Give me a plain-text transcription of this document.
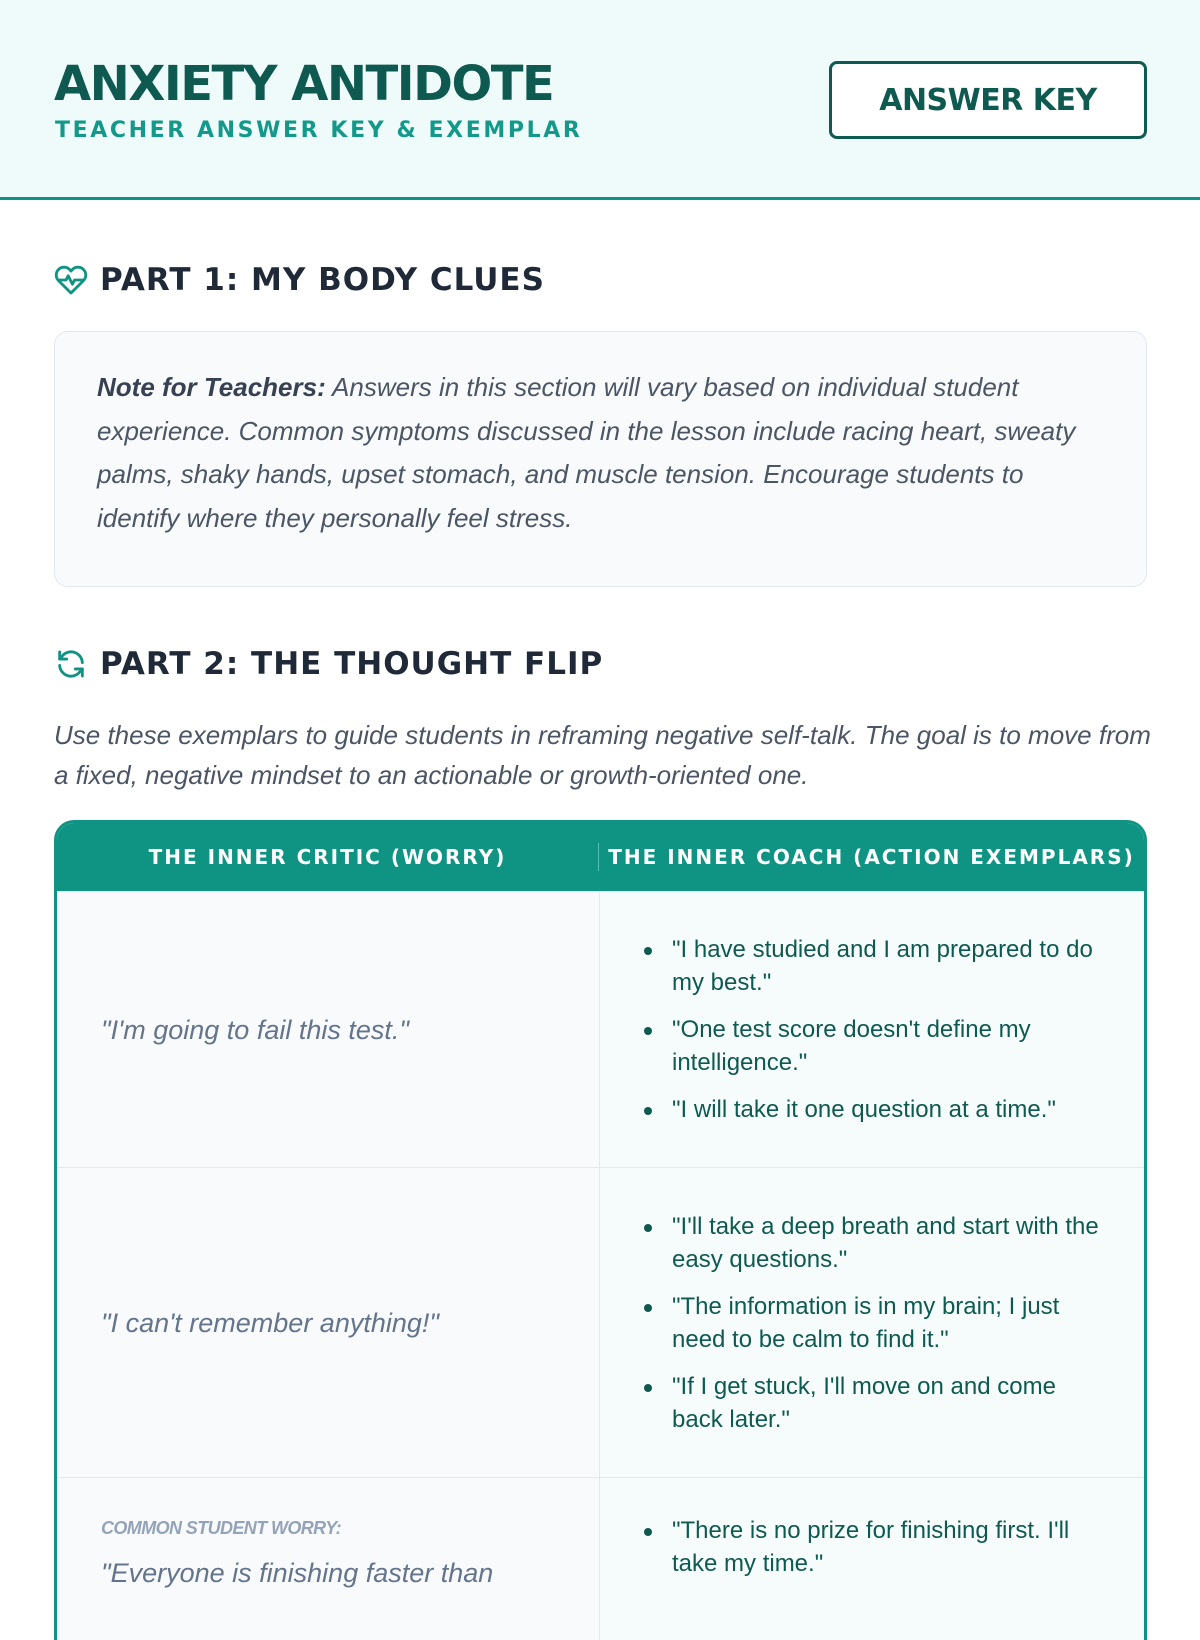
ANXIETY ANTIDOTE
TEACHER ANSWER KEY & EXEMPLAR
ANSWER KEY
PART 1: MY BODY CLUES
Note for Teachers: Answers in this section will vary based on individual student experience. Common symptoms discussed in the lesson include racing heart, sweaty palms, shaky hands, upset stomach, and muscle tension. Encourage students to identify where they personally feel stress.
PART 2: THE THOUGHT FLIP
Use these exemplars to guide students in reframing negative self-talk. The goal is to move from a fixed, negative mindset to an actionable or growth-oriented one.
THE INNER CRITIC (WORRY)	THE INNER COACH (ACTION EXEMPLARS)
"I'm going to fail this test."
"I have studied and I am prepared to do my best."
"One test score doesn't define my intelligence."
"I will take it one question at a time."
"I can't remember anything!"
"I'll take a deep breath and start with the easy questions."
"The information is in my brain; I just need to be calm to find it."
"If I get stuck, I'll move on and come back later."
COMMON STUDENT WORRY:
"Everyone is finishing faster than
"There is no prize for finishing first. I'll take my time."
